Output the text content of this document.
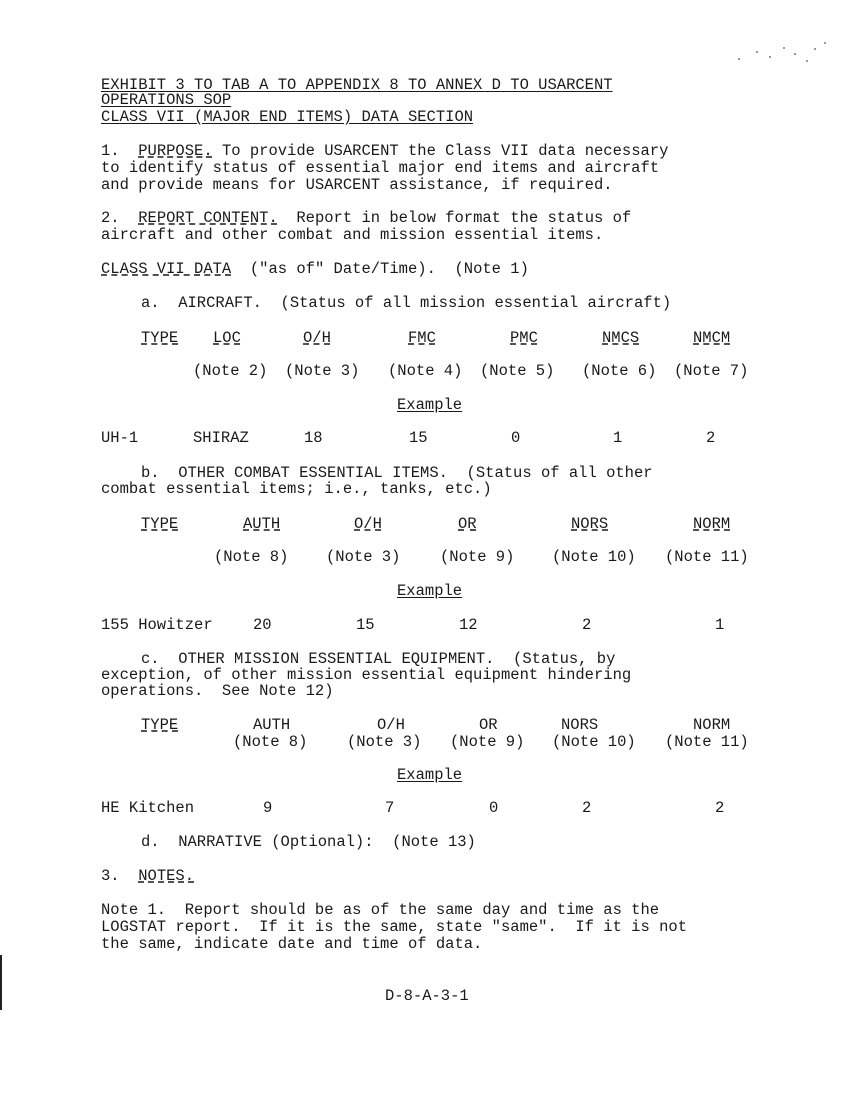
EXHIBIT 3 TO TAB A TO APPENDIX 8 TO ANNEX D TO USARCENT
OPERATIONS SOP
CLASS VII (MAJOR END ITEMS) DATA SECTION
1. PURPOSE. To provide USARCENT the Class VII data necessary
to identify status of essential major end items and aircraft
and provide means for USARCENT assistance, if required.
2. REPORT CONTENT.  Report in below format the status of
aircraft and other combat and mission essential items.
CLASS VII DATA  ("as of" Date/Time).  (Note 1)
a.  AIRCRAFT.  (Status of all mission essential aircraft)
TYPE LOC	O/H	FMC	PMC	NMCS	NMCM
(Note 2) (Note 3) (Note 4) (Note 5) (Note 6) (Note 7)
Example
UH-1	SHIRAZ	18	15	0	1	2
b.  OTHER COMBAT ESSENTIAL ITEMS.  (Status of all other
combat essential items; i.e., tanks, etc.)
TYPE	AUTH	O/H	OR	NORS	NORM
(Note 8) (Note 3)	(Note 9) (Note 10) (Note 11)
Example
155 Howitzer	20	15	12	2	1
c.  OTHER MISSION ESSENTIAL EQUIPMENT.  (Status, by
exception, of other mission essential equipment hindering
operations.  See Note 12)
TYPE	AUTH	O/H	OR	NORS	NORM
(Note 8)	(Note 3) (Note 9) (Note 10) (Note 11)
Example
HE Kitchen	9	7	0	2	2
d.  NARRATIVE (Optional):  (Note 13)
3. NOTES.
Note 1.  Report should be as of the same day and time as the
LOGSTAT report.  If it is the same, state "same".  If it is not
the same, indicate date and time of data.
D-8-A-3-1
